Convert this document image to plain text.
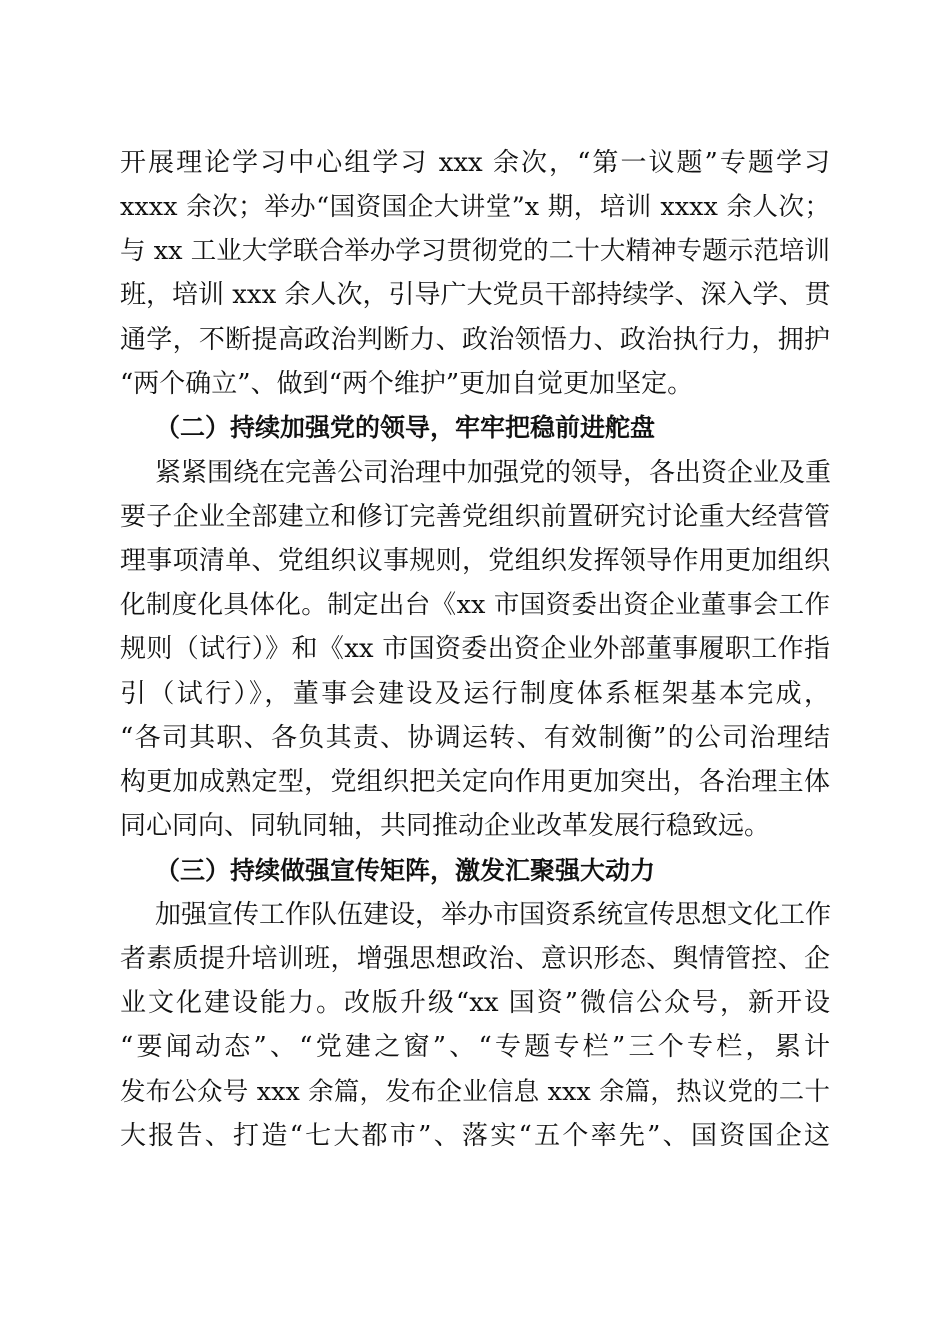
开展理论学习中心组学习 xxx 余次，“第一议题”专题学习
xxxx 余次；举办“国资国企大讲堂”x 期，培训 xxxx 余人次；
与 xx 工业大学联合举办学习贯彻党的二十大精神专题示范培训
班，培训 xxx 余人次，引导广大党员干部持续学、深入学、贯
通学，不断提高政治判断力、政治领悟力、政治执行力，拥护
“两个确立”、做到“两个维护”更加自觉更加坚定。
（二）持续加强党的领导，牢牢把稳前进舵盘
紧紧围绕在完善公司治理中加强党的领导，各出资企业及重
要子企业全部建立和修订完善党组织前置研究讨论重大经营管
理事项清单、党组织议事规则，党组织发挥领导作用更加组织
化制度化具体化。制定出台《xx 市国资委出资企业董事会工作
规则（试行）》和《xx 市国资委出资企业外部董事履职工作指
引（试行）》，董事会建设及运行制度体系框架基本完成，
“各司其职、各负其责、协调运转、有效制衡”的公司治理结
构更加成熟定型，党组织把关定向作用更加突出，各治理主体
同心同向、同轨同轴，共同推动企业改革发展行稳致远。
（三）持续做强宣传矩阵，激发汇聚强大动力
加强宣传工作队伍建设，举办市国资系统宣传思想文化工作
者素质提升培训班，增强思想政治、意识形态、舆情管控、企
业文化建设能力。改版升级“xx 国资”微信公众号，新开设
“要闻动态”、“党建之窗”、“专题专栏”三个专栏，累计
发布公众号 xxx 余篇，发布企业信息 xxx 余篇，热议党的二十
大报告、打造“七大都市”、落实“五个率先”、国资国企这
